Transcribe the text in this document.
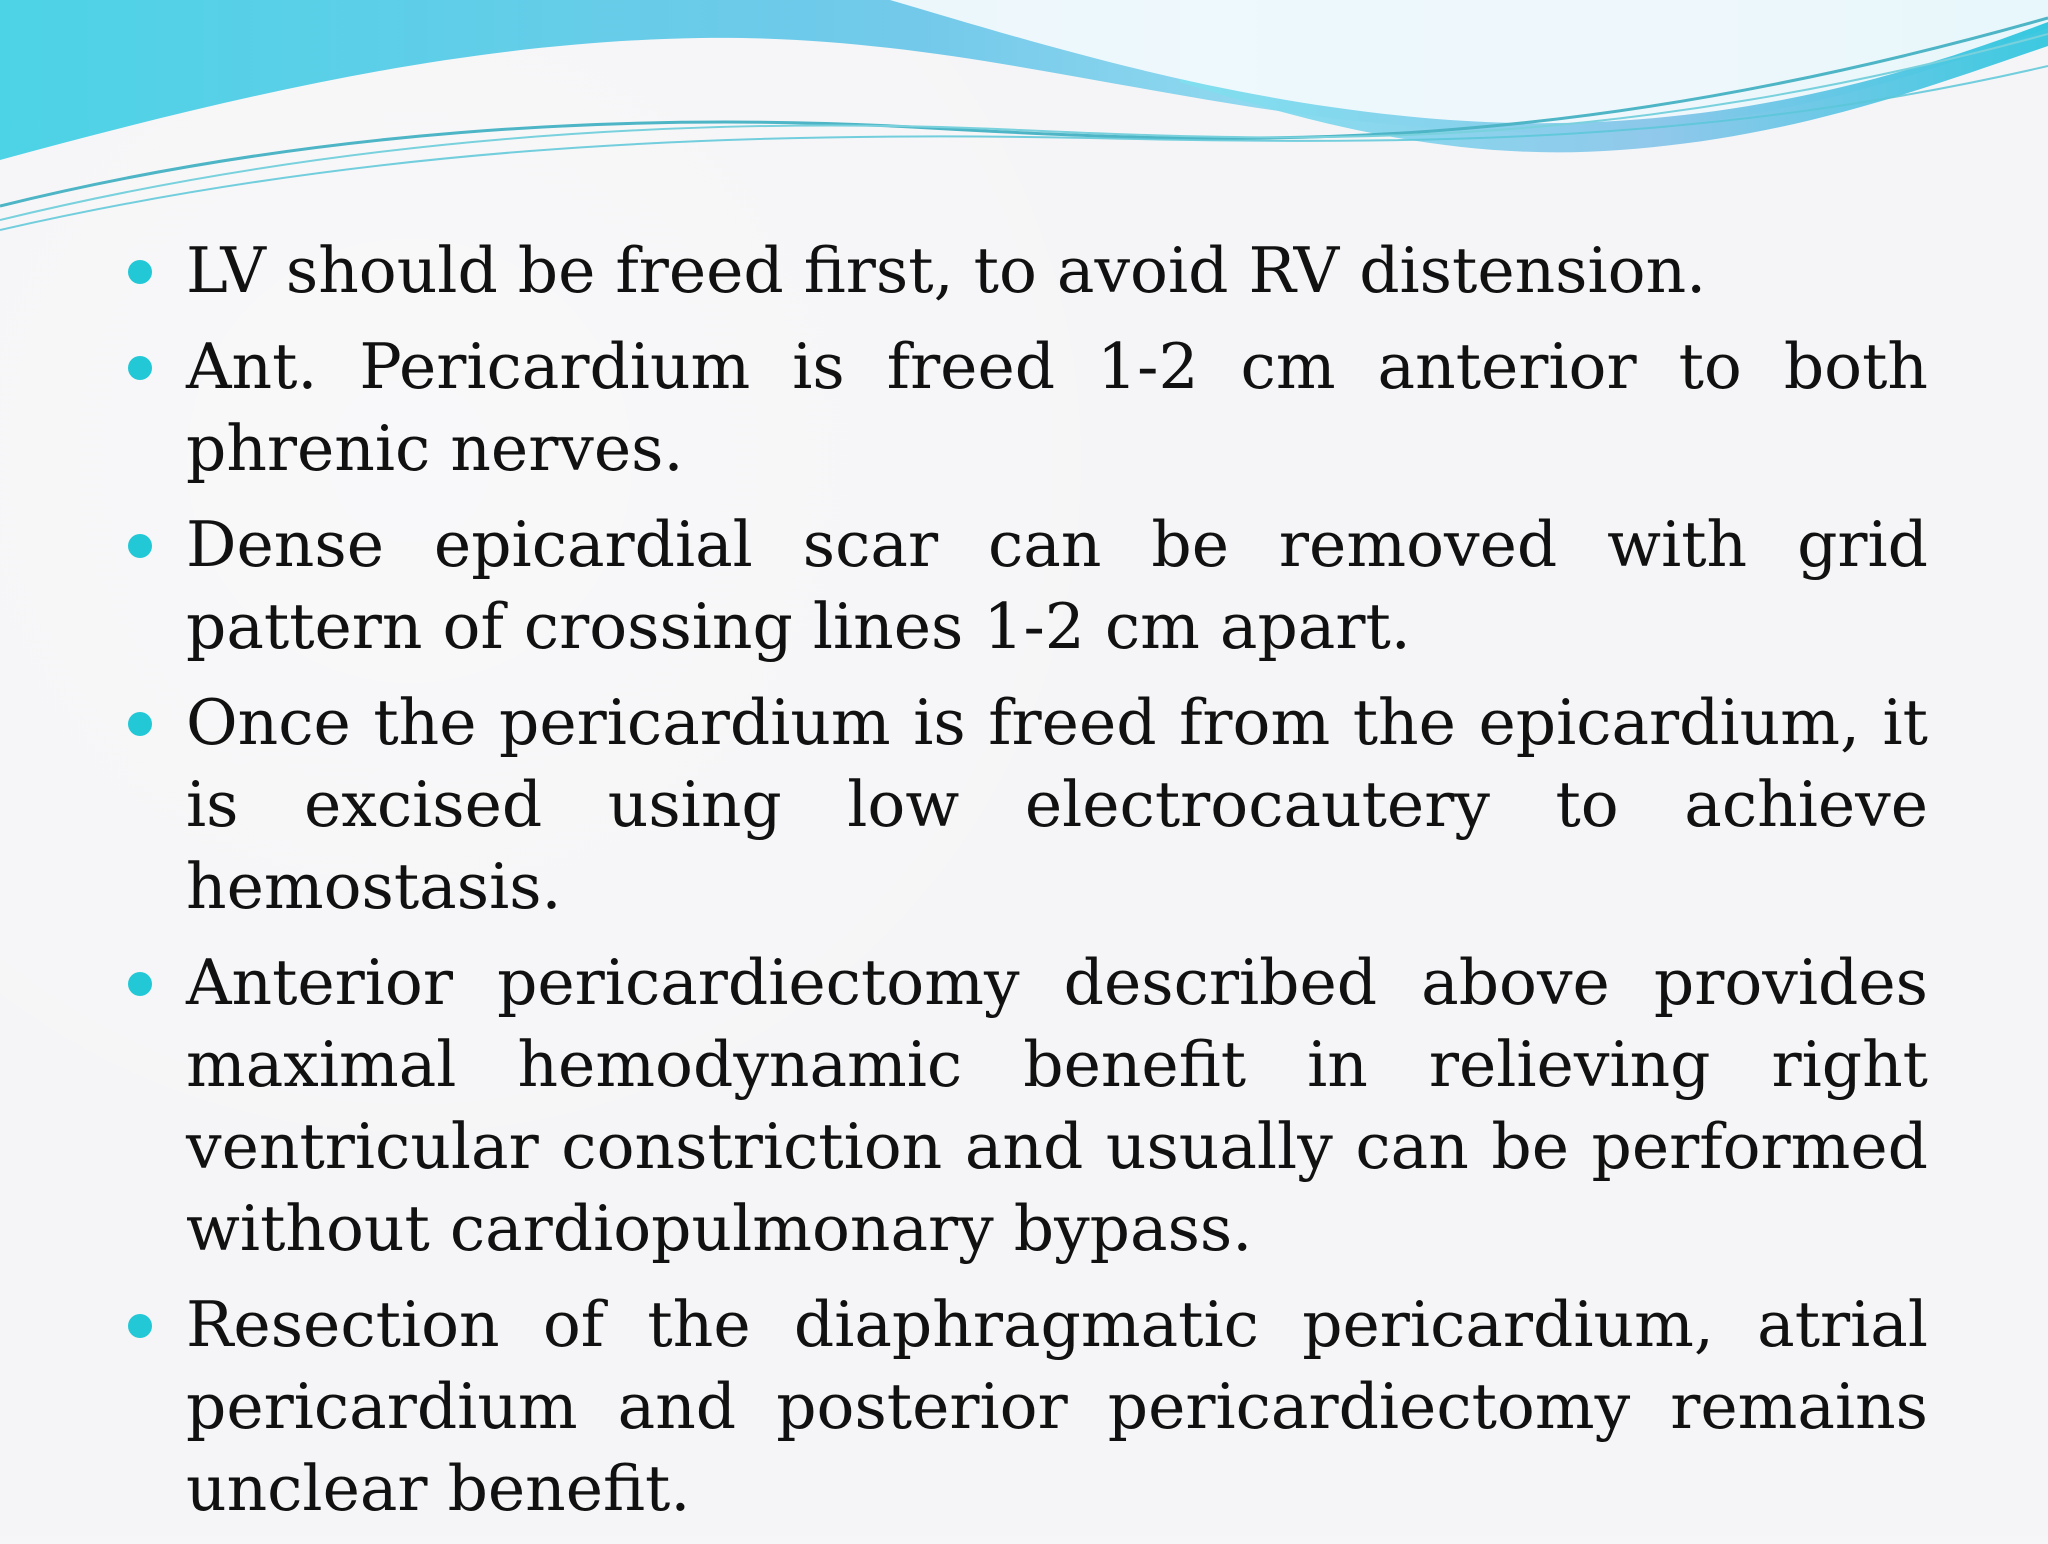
LV should be freed first, to avoid RV distension.
Ant. Pericardium is freed 1-2 cm anterior to both phrenic nerves.
Dense epicardial scar can be removed with grid pattern of crossing lines 1-2 cm apart.
Once the pericardium is freed from the epicardium, it is excised using low electrocautery to achieve hemostasis.
Anterior pericardiectomy described above provides maximal hemodynamic benefit in relieving right ventricular constriction and usually can be performed without cardiopulmonary bypass.
Resection of the diaphragmatic pericardium, atrial pericardium and posterior pericardiectomy remains unclear benefit.
